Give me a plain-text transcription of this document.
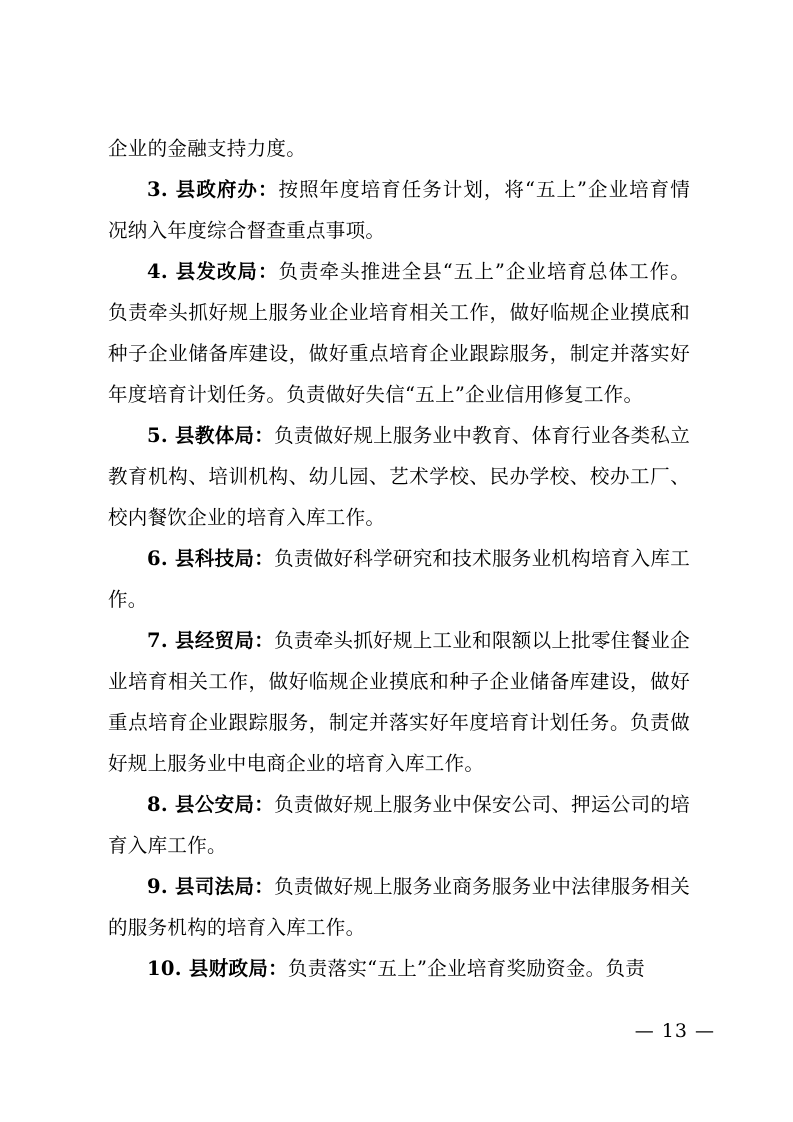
企业的金融支持力度。

3. 县政府办：按照年度培育任务计划，将“五上”企业培育情况纳入年度综合督查重点事项。

4. 县发改局：负责牵头推进全县“五上”企业培育总体工作。负责牵头抓好规上服务业企业培育相关工作，做好临规企业摸底和种子企业储备库建设，做好重点培育企业跟踪服务，制定并落实好年度培育计划任务。负责做好失信“五上”企业信用修复工作。

5. 县教体局：负责做好规上服务业中教育、体育行业各类私立教育机构、培训机构、幼儿园、艺术学校、民办学校、校办工厂、校内餐饮企业的培育入库工作。

6. 县科技局：负责做好科学研究和技术服务业机构培育入库工作。

7. 县经贸局：负责牵头抓好规上工业和限额以上批零住餐业企业培育相关工作，做好临规企业摸底和种子企业储备库建设，做好重点培育企业跟踪服务，制定并落实好年度培育计划任务。负责做好规上服务业中电商企业的培育入库工作。

8. 县公安局：负责做好规上服务业中保安公司、押运公司的培育入库工作。

9. 县司法局：负责做好规上服务业商务服务业中法律服务相关的服务机构的培育入库工作。

10. 县财政局：负责落实“五上”企业培育奖励资金。负责

— 13 —
